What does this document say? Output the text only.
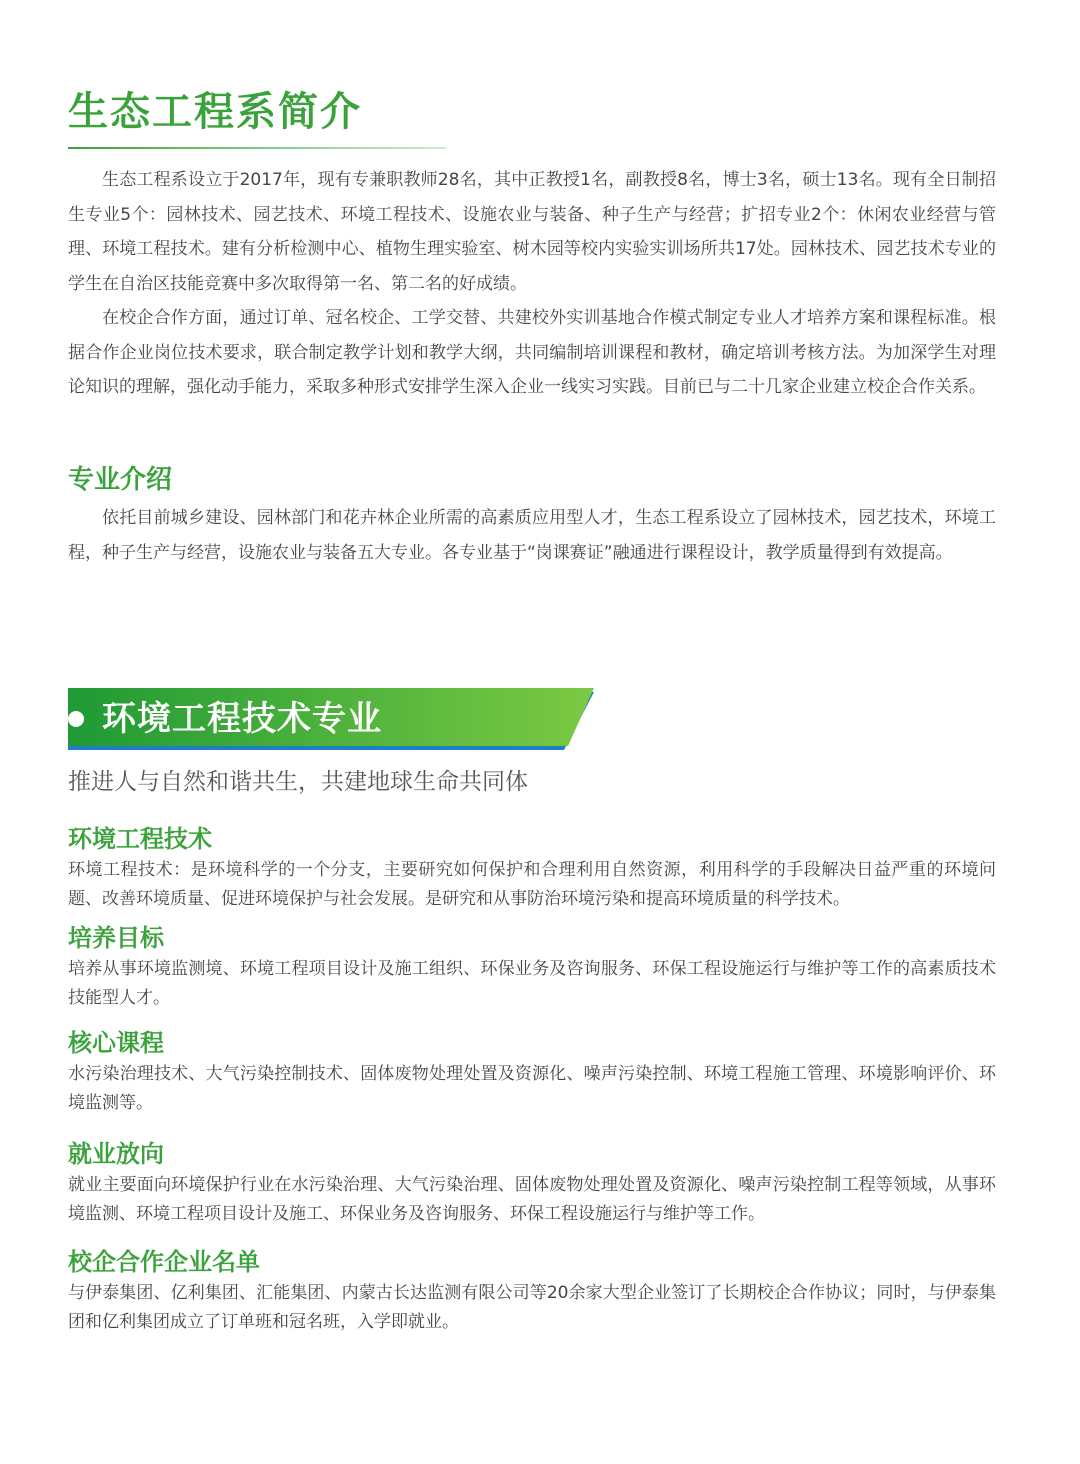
生态工程系简介

生态工程系设立于2017年，现有专兼职教师28名，其中正教授1名，副教授8名，博士3名，硕士13名。现有全日制招生专业5个：园林技术、园艺技术、环境工程技术、设施农业与装备、种子生产与经营；扩招专业2个：休闲农业经营与管理、环境工程技术。建有分析检测中心、植物生理实验室、树木园等校内实验实训场所共17处。园林技术、园艺技术专业的学生在自治区技能竞赛中多次取得第一名、第二名的好成绩。

在校企合作方面，通过订单、冠名校企、工学交替、共建校外实训基地合作模式制定专业人才培养方案和课程标准。根据合作企业岗位技术要求，联合制定教学计划和教学大纲，共同编制培训课程和教材，确定培训考核方法。为加深学生对理论知识的理解，强化动手能力，采取多种形式安排学生深入企业一线实习实践。目前已与二十几家企业建立校企合作关系。

专业介绍

依托目前城乡建设、园林部门和花卉林企业所需的高素质应用型人才，生态工程系设立了园林技术，园艺技术，环境工程，种子生产与经营，设施农业与装备五大专业。各专业基于“岗课赛证”融通进行课程设计，教学质量得到有效提高。

环境工程技术专业
推进人与自然和谐共生，共建地球生命共同体
环境工程技术

环境工程技术：是环境科学的一个分支，主要研究如何保护和合理利用自然资源，利用科学的手段解决日益严重的环境问题、改善环境质量、促进环境保护与社会发展。是研究和从事防治环境污染和提高环境质量的科学技术。

培养目标

培养从事环境监测境、环境工程项目设计及施工组织、环保业务及咨询服务、环保工程设施运行与维护等工作的高素质技术技能型人才。

核心课程

水污染治理技术、大气污染控制技术、固体废物处理处置及资源化、噪声污染控制、环境工程施工管理、环境影响评价、环境监测等。

就业放向

就业主要面向环境保护行业在水污染治理、大气污染治理、固体废物处理处置及资源化、噪声污染控制工程等领域，从事环境监测、环境工程项目设计及施工、环保业务及咨询服务、环保工程设施运行与维护等工作。

校企合作企业名单

与伊泰集团、亿利集团、汇能集团、内蒙古长达监测有限公司等20余家大型企业签订了长期校企合作协议；同时，与伊泰集团和亿利集团成立了订单班和冠名班，入学即就业。
